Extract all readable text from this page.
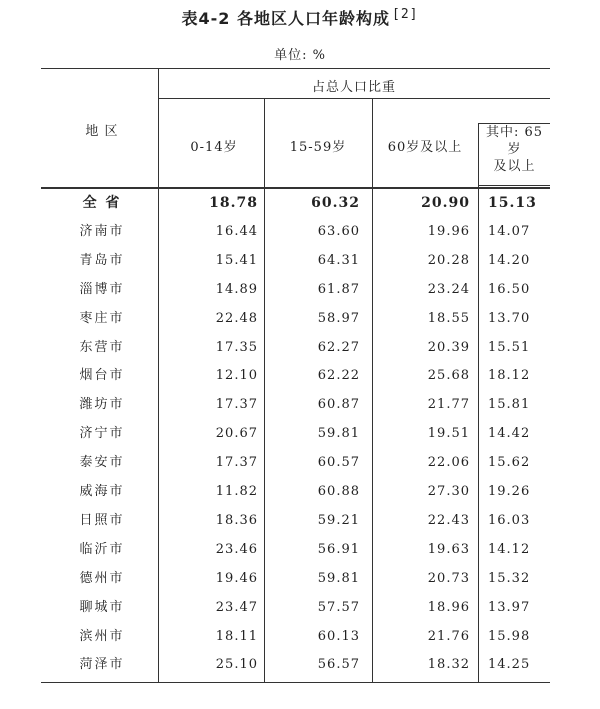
表4-2 各地区人口年龄构成 [2]
单位: %
地 区
占总人口比重
0-14岁	15-59岁	60岁及以上
其中: 65
岁
及以上
全 省	18.78	60.32	20.90 15.13
济南市	16.44	63.60	19.96 14.07
青岛市	15.41	64.31	20.28 14.20
淄博市	14.89	61.87	23.24 16.50
枣庄市	22.48	58.97	18.55 13.70
东营市	17.35	62.27	20.39 15.51
烟台市	12.10	62.22	25.68 18.12
潍坊市	17.37	60.87	21.77 15.81
济宁市	20.67	59.81	19.51 14.42
泰安市	17.37	60.57	22.06 15.62
威海市	11.82	60.88	27.30 19.26
日照市	18.36	59.21	22.43 16.03
临沂市	23.46	56.91	19.63 14.12
德州市	19.46	59.81	20.73 15.32
聊城市	23.47	57.57	18.96 13.97
滨州市	18.11	60.13	21.76 15.98
菏泽市	25.10	56.57	18.32 14.25
